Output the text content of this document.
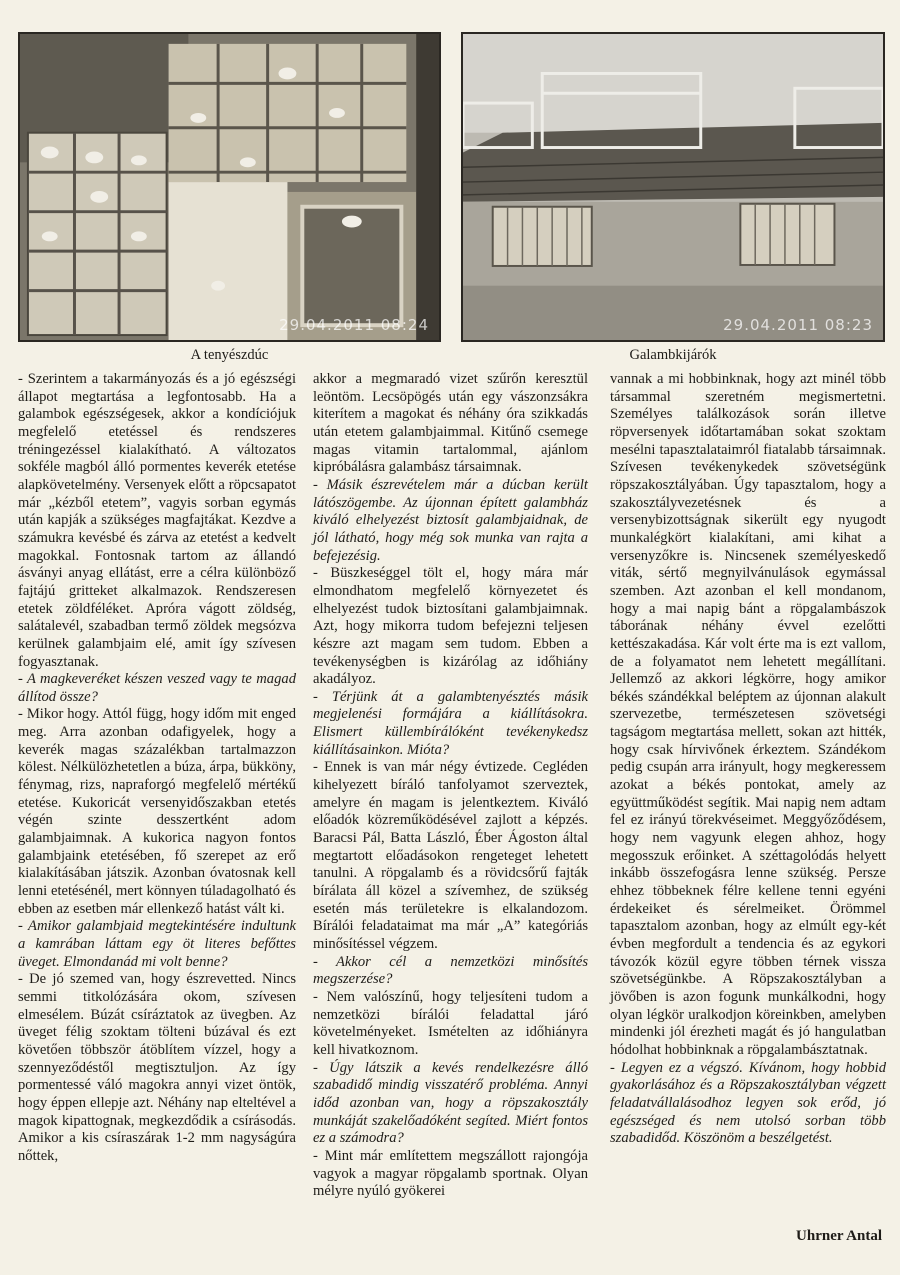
29.04.2011 08:24	29.04.2011 08:23
A tenyészdúc	Galambkijárók

- Szerintem a takarmányozás és a jó egészségi állapot megtartása a legfontosabb. Ha a galambok egészségesek, akkor a kondíciójuk megfelelő etetéssel és rendszeres tréningezéssel kialakítható. A változatos sokféle magból álló pormentes keverék etetése alapkövetelmény. Versenyek előtt a röpcsapatot már „kézből etetem”, vagyis sorban egymás után kapják a szükséges magfajtákat. Kezdve a számukra kevésbé és zárva az etetést a kedvelt magokkal. Fontosnak tartom az állandó ásványi anyag ellátást, erre a célra különböző fajtájú gritteket alkalmazok. Rendszeresen etetek zöldféléket. Apróra vágott zöldség, salátalevél, szabadban termő zöldek megsózva kerülnek galambjaim elé, amit így szívesen fogyasztanak.

- A magkeveréket készen veszed vagy te magad állítod össze?

- Mikor hogy. Attól függ, hogy időm mit enged meg. Arra azonban odafigyelek, hogy a keverék magas százalékban tartalmazzon kölest. Nélkülözhetetlen a búza, árpa, bükköny, fénymag, rizs, napraforgó megfelelő mértékű etetése. Kukoricát versenyidőszakban etetés végén szinte desszertként adom galambjaimnak. A kukorica nagyon fontos galambjaink etetésében, fő szerepet az erő kialakításában játszik. Azonban óvatosnak kell lenni etetésénél, mert könnyen túladagolható és ebben az esetben már ellenkező hatást vált ki.

- Amikor galambjaid megtekintésére indultunk a kamrában láttam egy öt literes befőttes üveget. Elmondanád mi volt benne?

- De jó szemed van, hogy észrevetted. Nincs semmi titkolózására okom, szívesen elmesélem. Búzát csíráztatok az üvegben. Az üveget félig szoktam tölteni búzával és ezt követően többször átöblítem vízzel, hogy a szennyeződéstől megtisztuljon. Az így pormentessé váló magokra annyi vizet öntök, hogy éppen ellepje azt. Néhány nap elteltével a magok kipattognak, megkezdődik a csírásodás. Amikor a kis csíraszárak 1-2 mm nagyságúra nőttek,

akkor a megmaradó vizet szűrőn keresztül leöntöm. Lecsöpögés után egy vászonzsákra kiterítem a magokat és néhány óra szikkadás után etetem galambjaimmal. Kitűnő csemege magas vitamin tartalommal, ajánlom kipróbálásra galambász társaimnak.

- Másik észrevételem már a dúcban került látószögembe. Az újonnan épített galambház kiváló elhelyezést biztosít galambjaidnak, de jól látható, hogy még sok munka van rajta a befejezésig.

- Büszkeséggel tölt el, hogy mára már elmondhatom megfelelő környezetet és elhelyezést tudok biztosítani galambjaimnak. Azt, hogy mikorra tudom befejezni teljesen készre azt magam sem tudom. Ebben a tevékenységben is kizárólag az időhiány akadályoz.

- Térjünk át a galambtenyésztés másik megjelenési formájára a kiállításokra. Elismert küllembírálóként tevékenykedsz kiállításainkon. Mióta?

- Ennek is van már négy évtizede. Cegléden kihelyezett bíráló tanfolyamot szerveztek, amelyre én magam is jelentkeztem. Kiváló előadók közreműködésével zajlott a képzés. Baracsi Pál, Batta László, Éber Ágoston által megtartott előadásokon rengeteget lehetett tanulni. A röpgalamb és a rövidcsőrű fajták bírálata áll közel a szívemhez, de szükség esetén más területekre is elkalandozom. Bírálói feladataimat ma már „A” kategóriás minősítéssel végzem.

- Akkor cél a nemzetközi minősítés megszerzése?

- Nem valószínű, hogy teljesíteni tudom a nemzetközi bírálói feladattal járó követelményeket. Ismételten az időhiányra kell hivatkoznom.

- Úgy látszik a kevés rendelkezésre álló szabadidő mindig visszatérő probléma. Annyi időd azonban van, hogy a röpszakosztály munkáját szakelőadóként segíted. Miért fontos ez a számodra?

- Mint már említettem megszállott rajongója vagyok a magyar röpgalamb sportnak. Olyan mélyre nyúló gyökerei

vannak a mi hobbinknak, hogy azt minél több társammal szeretném megismertetni. Személyes találkozások során illetve röpversenyek időtartamában sokat szoktam mesélni tapasztalataimról fiatalabb társaimnak. Szívesen tevékenykedek szövetségünk röpszakosztályában. Úgy tapasztalom, hogy a szakosztályvezetésnek és a versenybizottságnak sikerült egy nyugodt munkalégkört kialakítani, ami kihat a versenyzőkre is. Nincsenek személyeskedő viták, sértő megnyilvánulások egymással szemben. Azt azonban el kell mondanom, hogy a mai napig bánt a röpgalambászok táborának néhány évvel ezelőtti kettészakadása. Kár volt érte ma is ezt vallom, de a folyamatot nem lehetett megállítani. Jellemző az akkori légkörre, hogy amikor békés szándékkal beléptem az újonnan alakult szervezetbe, természetesen szövetségi tagságom megtartása mellett, sokan azt hitték, hogy csak hírvivőnek érkeztem. Szándékom pedig csupán arra irányult, hogy megkeressem azokat a békés pontokat, amely az együttműködést segítik. Mai napig nem adtam fel ez irányú törekvéseimet. Meggyőződésem, hogy nem vagyunk elegen ahhoz, hogy megosszuk erőinket. A széttagolódás helyett inkább összefogásra lenne szükség. Persze ehhez többeknek félre kellene tenni egyéni érdekeiket és sérelmeiket. Örömmel tapasztalom azonban, hogy az elmúlt egy-két évben megfordult a tendencia és az egykori távozók közül egyre többen térnek vissza szövetségünkbe. A Röpszakosztályban a jövőben is azon fogunk munkálkodni, hogy olyan légkör uralkodjon köreinkben, amelyben mindenki jól érezheti magát és jó hangulatban hódolhat hobbinknak a röpgalambásztatnak.

- Legyen ez a végszó. Kívánom, hogy hobbid gyakorlásához és a Röpszakosztályban végzett feladatvállalásodhoz legyen sok erőd, jó egészséged és nem utolsó sorban több szabadidőd. Köszönöm a beszélgetést.

Uhrner Antal
